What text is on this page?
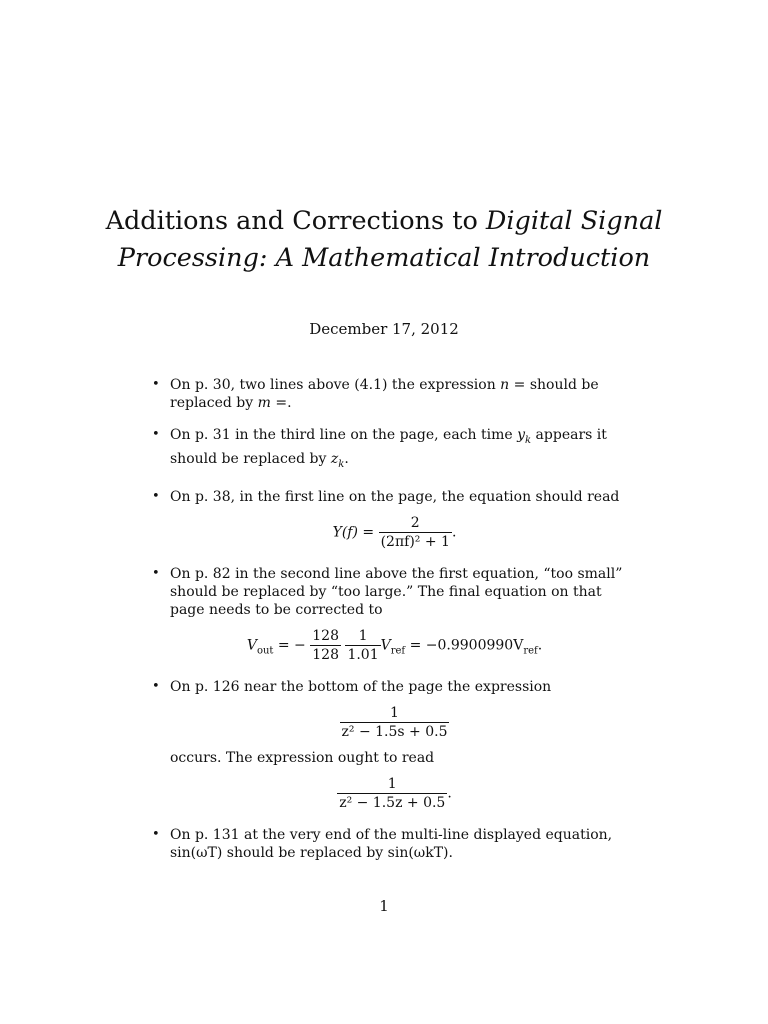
Additions and Corrections to Digital Signal Processing: A Mathematical Introduction
December 17, 2012
• On p. 30, two lines above (4.1) the expression n = should be replaced by m =.
• On p. 31 in the third line on the page, each time $y_k$ appears it should be replaced by $z_k$.
• On p. 38, in the first line on the page, the equation should read
$Y(f) = \frac{2}{\text{(2πf)² + 1}}$ .
• On p. 82 in the second line above the first equation, “too small” should be replaced by “too large.” The final equation on that page needs to be corrected to
$V_{out}$ = − $\frac{128}{128}$
$\frac{1}{1.01} V_{ref} = -0.9900990V_{ref}$.
• On p. 126 near the bottom of the page the expression
$\frac{1}{\text{z² − 1.5s + 0.5}}$
occurs. The expression ought to read
$\frac{1}{\text{z² − 1.5z + 0.5}}$ .
• On p. 131 at the very end of the multi-line displayed equation, sin(ωT) should be replaced by sin(ωkT).
1
